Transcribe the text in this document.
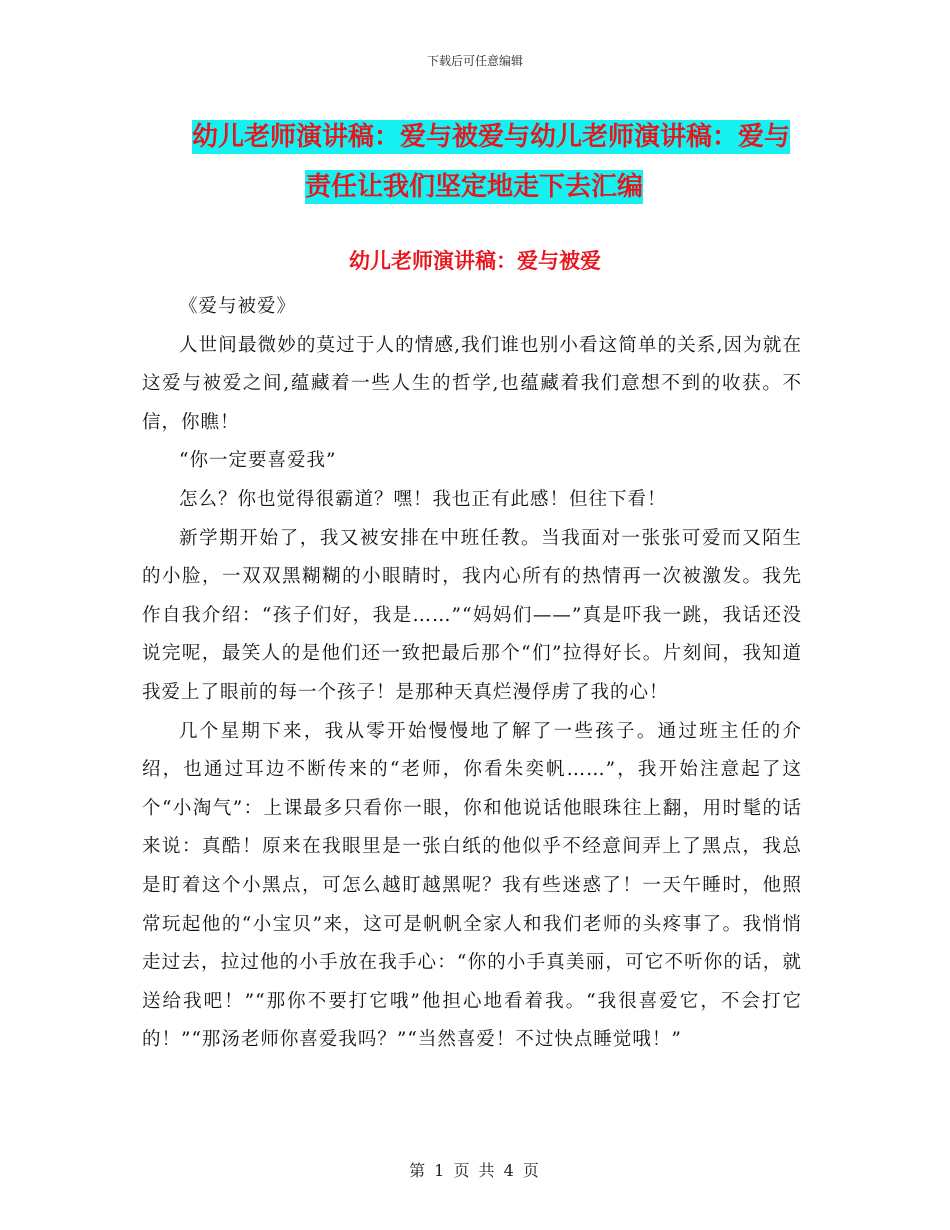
下载后可任意编辑
幼儿老师演讲稿：爱与被爱与幼儿老师演讲稿：爱与
责任让我们坚定地走下去汇编
幼儿老师演讲稿：爱与被爱

《爱与被爱》

人世间最微妙的莫过于人的情感,我们谁也别小看这简单的关系,因为就在这爱与被爱之间,蕴藏着一些人生的哲学,也蕴藏着我们意想不到的收获。不信，你瞧！

“你一定要喜爱我”

怎么？你也觉得很霸道？嘿！我也正有此感！但往下看！

新学期开始了，我又被安排在中班任教。当我面对一张张可爱而又陌生的小脸，一双双黑糊糊的小眼睛时，我内心所有的热情再一次被激发。我先作自我介绍：“孩子们好，我是……”“妈妈们——”真是吓我一跳，我话还没说完呢，最笑人的是他们还一致把最后那个“们”拉得好长。片刻间，我知道我爱上了眼前的每一个孩子！是那种天真烂漫俘虏了我的心！

几个星期下来，我从零开始慢慢地了解了一些孩子。通过班主任的介绍，也通过耳边不断传来的“老师，你看朱奕帆……”，我开始注意起了这个“小淘气”：上课最多只看你一眼，你和他说话他眼珠往上翻，用时髦的话来说：真酷！原来在我眼里是一张白纸的他似乎不经意间弄上了黑点，我总是盯着这个小黑点，可怎么越盯越黑呢？我有些迷惑了！一天午睡时，他照常玩起他的“小宝贝”来，这可是帆帆全家人和我们老师的头疼事了。我悄悄走过去，拉过他的小手放在我手心：“你的小手真美丽，可它不听你的话，就送给我吧！”“那你不要打它哦”他担心地看着我。“我很喜爱它，不会打它的！”“那汤老师你喜爱我吗？”“当然喜爱！不过快点睡觉哦！”

第 1 页 共 4 页
